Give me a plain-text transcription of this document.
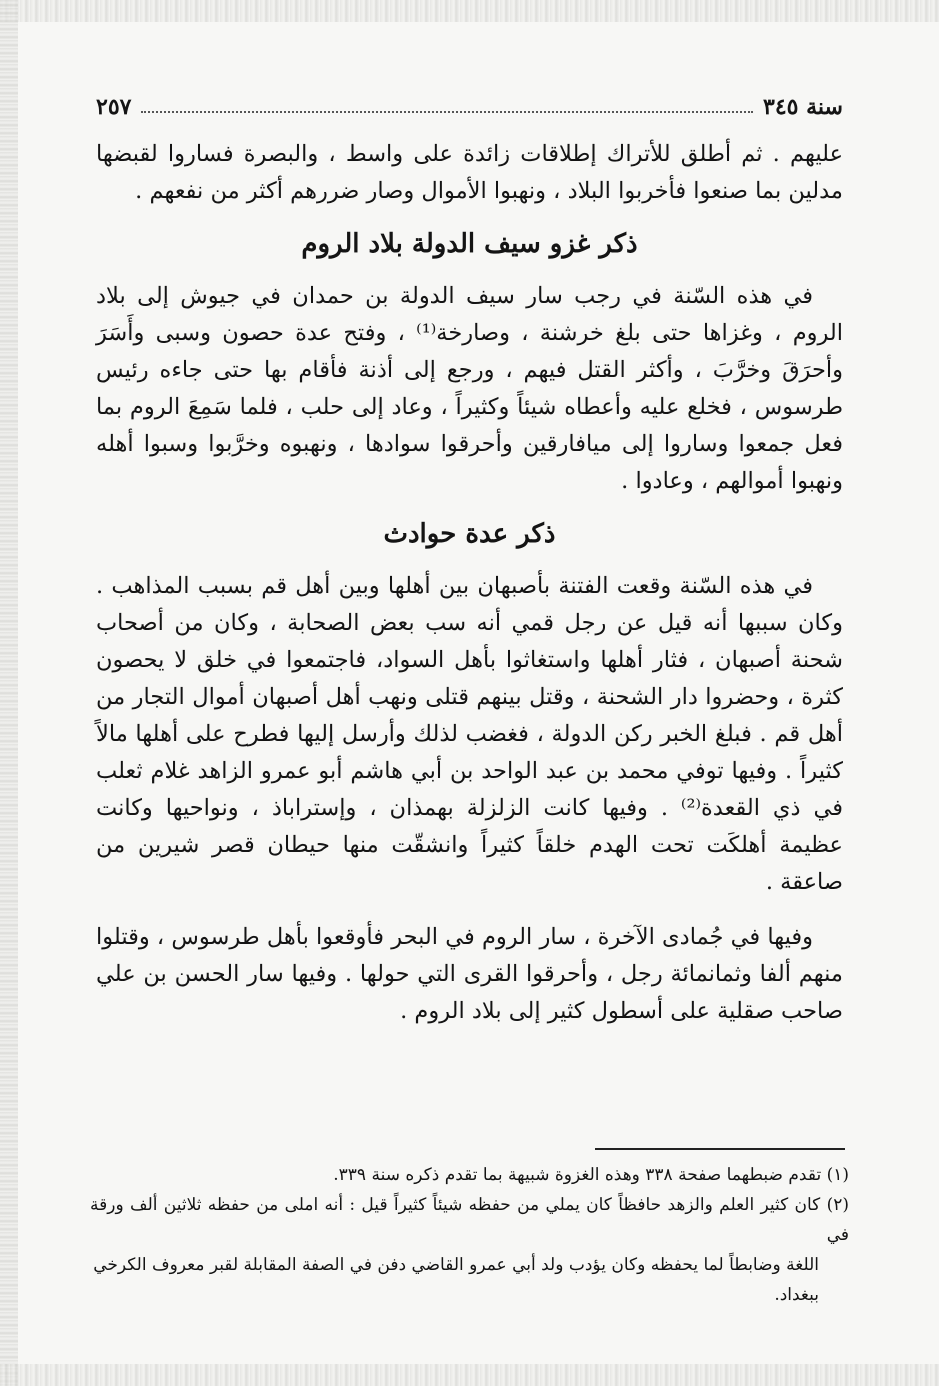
سنة ٣٤٥
٢٥٧

عليهم . ثم أطلق للأتراك إطلاقات زائدة على واسط ، والبصرة فساروا لقبضها مدلين بما صنعوا فأخربوا البلاد ، ونهبوا الأموال وصار ضررهم أكثر من نفعهم .

ذكر غزو سيف الدولة بلاد الروم

في هذه السّنة في رجب سار سيف الدولة بن حمدان في جيوش إلى بلاد الروم ، وغزاها حتى بلغ خرشنة ، وصارخة⁽¹⁾ ، وفتح عدة حصون وسبى وأَسَرَ وأحرَقَ وخرَّبَ ، وأكثر القتل فيهم ، ورجع إلى أذنة فأقام بها حتى جاءه رئيس طرسوس ، فخلع عليه وأعطاه شيئاً وكثيراً ، وعاد إلى حلب ، فلما سَمِعَ الروم بما فعل جمعوا وساروا إلى ميافارقين وأحرقوا سوادها ، ونهبوه وخرَّبوا وسبوا أهله ونهبوا أموالهم ، وعادوا .

ذكر عدة حوادث

في هذه السّنة وقعت الفتنة بأصبهان بين أهلها وبين أهل قم بسبب المذاهب . وكان سببها أنه قيل عن رجل قمي أنه سب بعض الصحابة ، وكان من أصحاب شحنة أصبهان ، فثار أهلها واستغاثوا بأهل السواد، فاجتمعوا في خلق لا يحصون كثرة ، وحضروا دار الشحنة ، وقتل بينهم قتلى ونهب أهل أصبهان أموال التجار من أهل قم . فبلغ الخبر ركن الدولة ، فغضب لذلك وأرسل إليها فطرح على أهلها مالاً كثيراً . وفيها توفي محمد بن عبد الواحد بن أبي هاشم أبو عمرو الزاهد غلام ثعلب في ذي القعدة⁽²⁾ . وفيها كانت الزلزلة بهمذان ، وإستراباذ ، ونواحيها وكانت عظيمة أهلكَت تحت الهدم خلقاً كثيراً وانشقّت منها حيطان قصر شيرين من صاعقة .

وفيها في جُمادى الآخرة ، سار الروم في البحر فأوقعوا بأهل طرسوس ، وقتلوا منهم ألفا وثمانمائة رجل ، وأحرقوا القرى التي حولها . وفيها سار الحسن بن علي صاحب صقلية على أسطول كثير إلى بلاد الروم .

(١) تقدم ضبطهما صفحة ٣٣٨ وهذه الغزوة شبيهة بما تقدم ذكره سنة ٣٣٩.

(٢) كان كثير العلم والزهد حافظاً كان يملي من حفظه شيئاً كثيراً قيل : أنه املى من حفظه ثلاثين ألف ورقة في

اللغة وضابطاً لما يحفظه وكان يؤدب ولد أبي عمرو القاضي دفن في الصفة المقابلة لقبر معروف الكرخي

ببغداد.
